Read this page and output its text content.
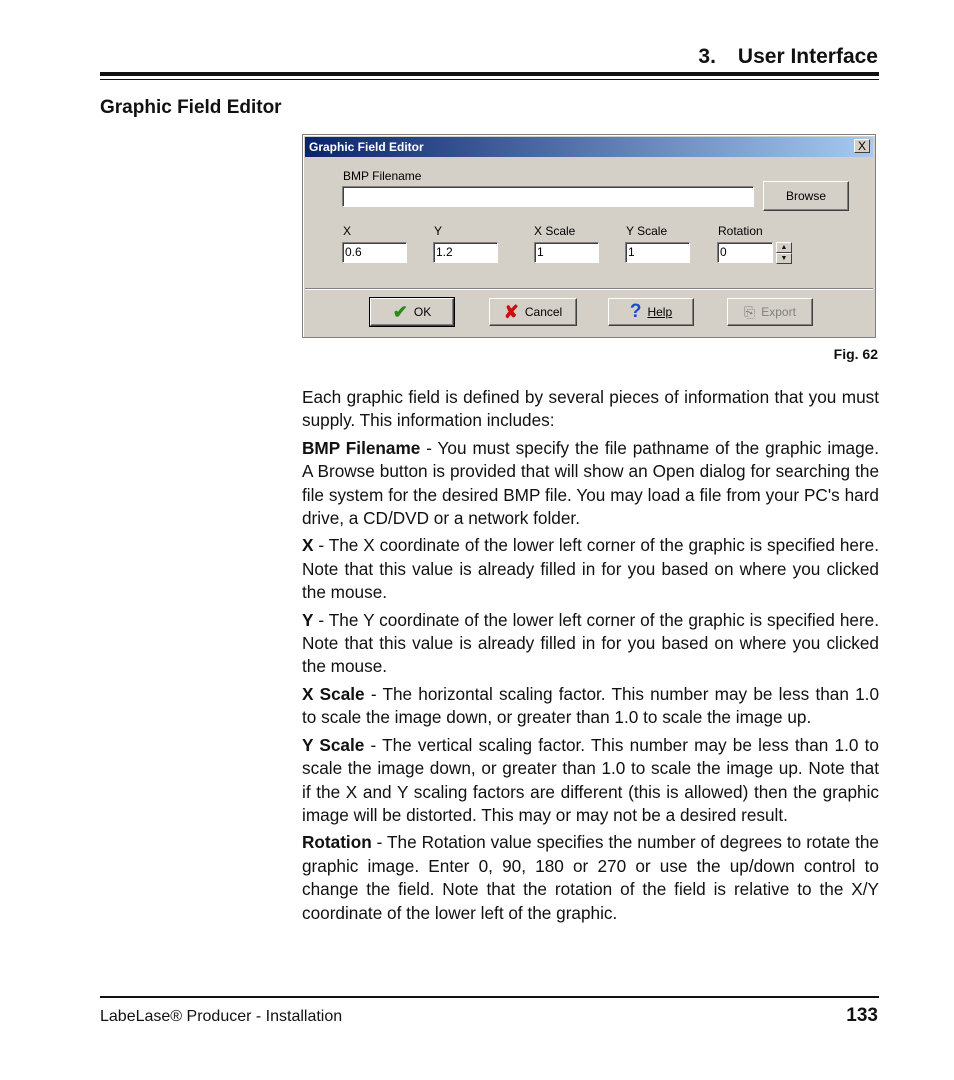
3. User Interface
Graphic Field Editor
Graphic Field Editor	X
BMP Filename
Browse
X
0.6
Y
1.2
X Scale
1
Y Scale
1
Rotation
0	▲
▼
✔ OK	✘ Cancel	? Help	⎘ Export
Fig. 62

Each graphic field is defined by several pieces of information that you must supply. This information includes:

BMP Filename - You must specify the file pathname of the graphic image. A Browse button is provided that will show an Open dialog for searching the file system for the desired BMP file. You may load a file from your PC's hard drive, a CD/DVD or a network folder.

X - The X coordinate of the lower left corner of the graphic is specified here. Note that this value is already filled in for you based on where you clicked the mouse.

Y - The Y coordinate of the lower left corner of the graphic is specified here. Note that this value is already filled in for you based on where you clicked the mouse.

X Scale - The horizontal scaling factor. This number may be less than 1.0 to scale the image down, or greater than 1.0 to scale the image up.

Y Scale - The vertical scaling factor. This number may be less than 1.0 to scale the image down, or greater than 1.0 to scale the image up. Note that if the X and Y scaling factors are different (this is allowed) then the graphic image will be distorted. This may or may not be a desired result.

Rotation - The Rotation value specifies the number of degrees to rotate the graphic image. Enter 0, 90, 180 or 270 or use the up/down control to change the field. Note that the rotation of the field is relative to the X/Y coordinate of the lower left of the graphic.

LabeLase® Producer - Installation	133
